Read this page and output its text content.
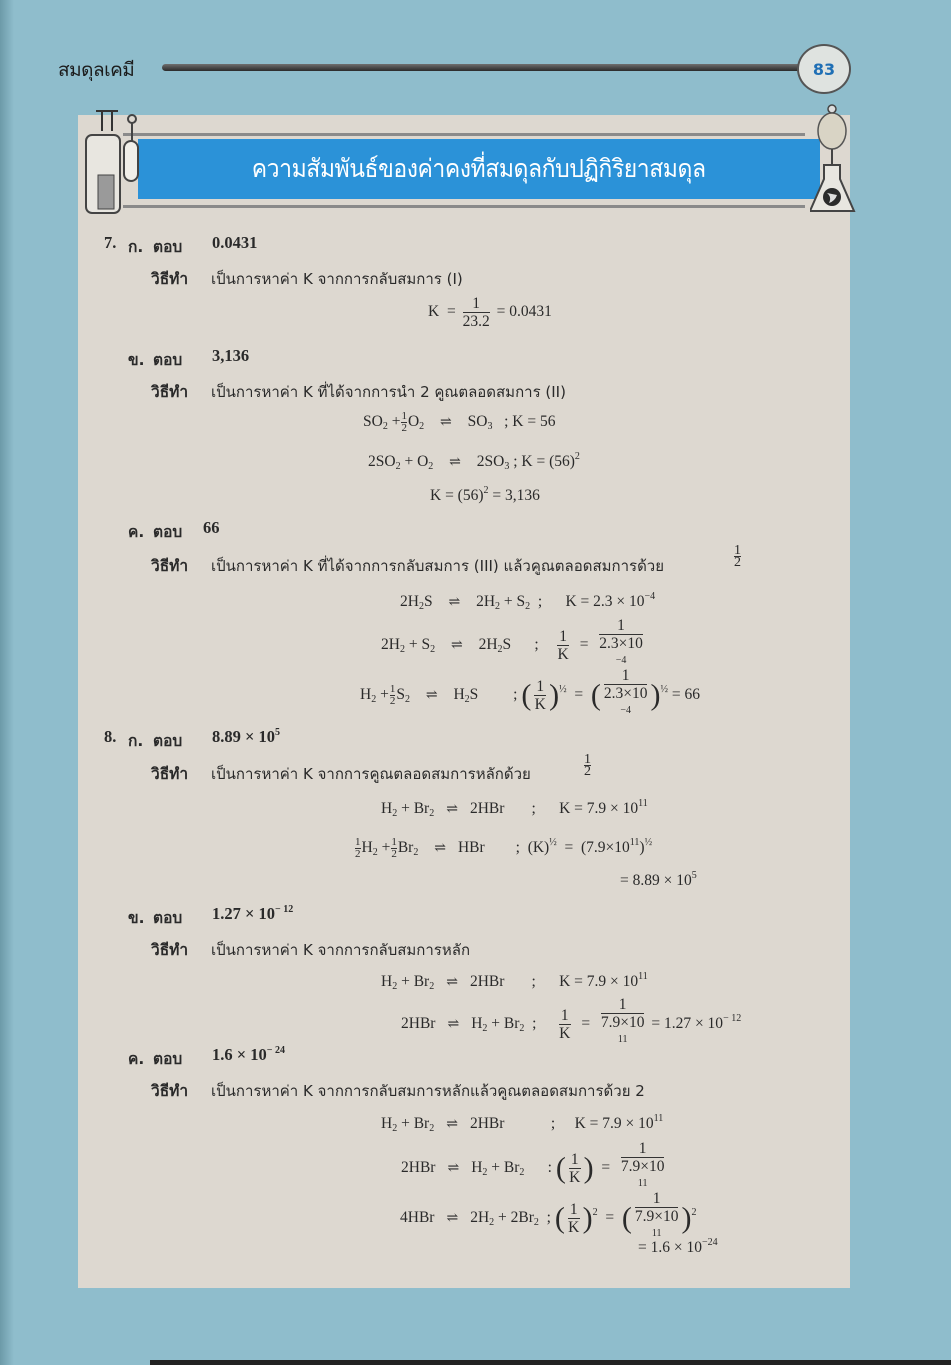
สมดุลเคมี	83
ความสัมพันธ์ของค่าคงที่สมดุลกับปฏิกิริยาสมดุล
7. ก. ตอบ 0.0431
วิธีทำ เป็นการหาค่า K จากการกลับสมการ (I)
$K = \frac{1}{23.2} = 0.0431$
ข. ตอบ 3,136
วิธีทำ เป็นการหาค่า K ที่ได้จากการนำ 2 คูณตลอดสมการ (II)
$SO_2 + \frac{1}{2} O_2$ ⇌ $SO_3$ ; K = 56
$2SO_2 + O_2$ ⇌ $2SO_3$ ; $K = (56)^2$
$K = (56)^2 = 3,136$
ค. ตอบ 66
วิธีทำ เป็นการหาค่า K ที่ได้จากการกลับสมการ (III) แล้วคูณตลอดสมการด้วย	$\frac{1}{2}$
$2H_2S$ ⇌ $2H_2 + S_2$  ;      $K = 2.3 \times 10^{-4}$
$2H_2 + S_2$ ⇌ $2H_2S$      ; $\frac{1}{K} = 1$
2.3×10
$^{-4}$
$H_2 + \frac{1}{2} S_2$ ⇌ $H_2S$         ; ( $\frac{1}{K} )^{\frac{1}{2}}$ = ( 1
2.3×10
$^{-4}$ )$^{\frac{1}{2}}$ = 66
8. ก. ตอบ $8.89 \times 10^5$
วิธีทำ เป็นการหาค่า K จากการคูณตลอดสมการหลักด้วย	$\frac{1}{2}$
$H_2 + Br_2$ ⇌ 2HBr       ;      $K = 7.9 \times 10^{11}$
$\frac{1}{2} H_2 + \frac{1}{2} Br_2$ ⇌ HBr        ;  $(K)^{\frac{1}{2}} = (7.9\times 10^{11})^{\frac{1}{2}}$
= $8.89 \times 10^5$
ข. ตอบ $1.27 \times 10^{- 12}$
วิธีทำ เป็นการหาค่า K จากการกลับสมการหลัก
$H_2 + Br_2$ ⇌ 2HBr       ;      $K = 7.9 \times 10^{11}$
2HBr ⇌ $H_2 + Br_2$  ; $\frac{1}{K} = 1$
7.9×10
$^{11} = 1.27 \times 10^{- 12}$
ค. ตอบ $1.6 \times 10^{- 24}$
วิธีทำ เป็นการหาค่า K จากการกลับสมการหลักแล้วคูณตลอดสมการด้วย 2
$H_2 + Br_2$ ⇌ 2HBr            ;     $K = 7.9 \times 10^{11}$
2HBr ⇌ $H_2 + Br_2$      : ( $\frac{1}{K}$ )  = 1
7.9×10
$^{11}$
4HBr ⇌ $2H_2 + 2Br_2$  ; ( $\frac{1}{K} )^2$  =  ( 1
7.9×10
$^{11}$ )$^2$
= $1.6 \times 10^{-24}$
